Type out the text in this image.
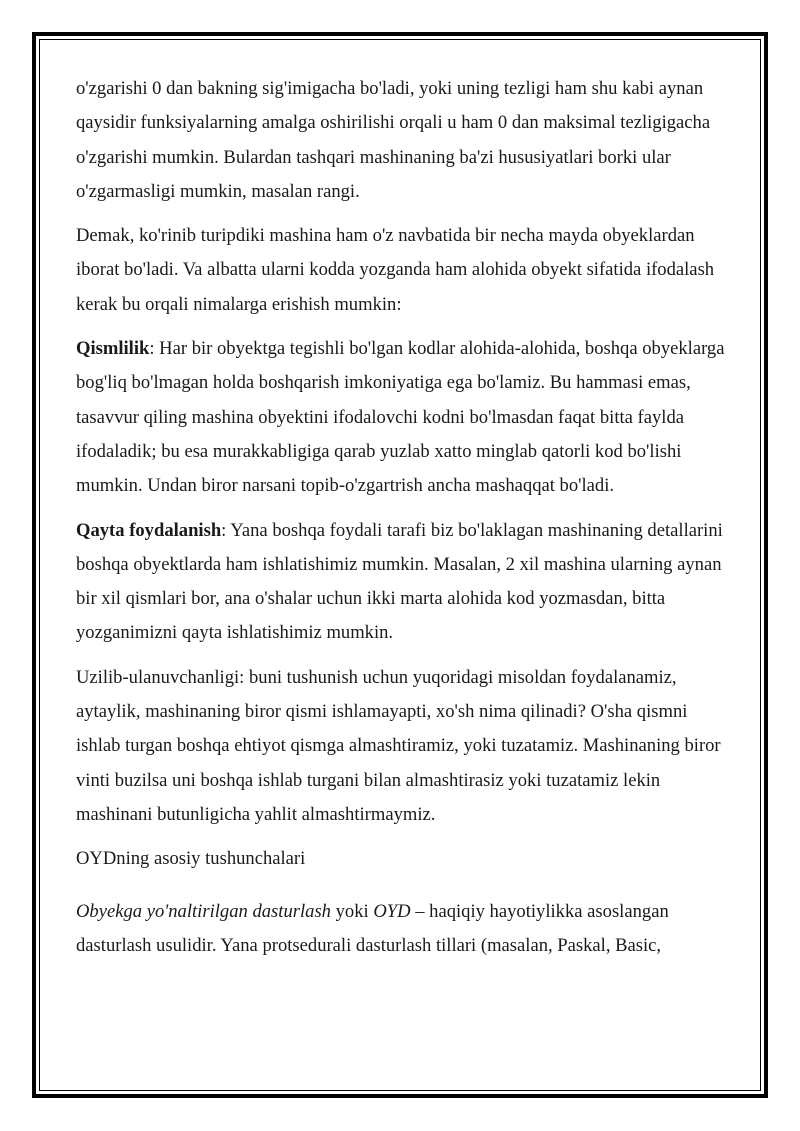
o'zgarishi 0 dan bakning sig'imigacha bo'ladi, yoki uning tezligi ham shu kabi aynan qaysidir funksiyalarning amalga oshirilishi orqali u ham 0 dan maksimal tezligigacha o'zgarishi mumkin. Bulardan tashqari mashinaning ba'zi hususiyatlari borki ular o'zgarmasligi mumkin, masalan rangi.

Demak, ko'rinib turipdiki mashina ham o'z navbatida bir necha mayda obyeklardan iborat bo'ladi. Va albatta ularni kodda yozganda ham alohida obyekt sifatida ifodalash kerak bu orqali nimalarga erishish mumkin:

Qismlilik: Har bir obyektga tegishli bo'lgan kodlar alohida-alohida, boshqa obyeklarga bog'liq bo'lmagan holda boshqarish imkoniyatiga ega bo'lamiz. Bu hammasi emas, tasavvur qiling mashina obyektini ifodalovchi kodni bo'lmasdan faqat bitta faylda ifodaladik; bu esa murakkabligiga qarab yuzlab xatto minglab qatorli kod bo'lishi mumkin. Undan biror narsani topib-o'zgartrish ancha mashaqqat bo'ladi.

Qayta foydalanish: Yana boshqa foydali tarafi biz bo'laklagan mashinaning detallarini boshqa obyektlarda ham ishlatishimiz mumkin. Masalan, 2 xil mashina ularning aynan bir xil qismlari bor, ana o'shalar uchun ikki marta alohida kod yozmasdan, bitta yozganimizni qayta ishlatishimiz mumkin.

Uzilib-ulanuvchanligi: buni tushunish uchun yuqoridagi misoldan foydalanamiz, aytaylik, mashinaning biror qismi ishlamayapti, xo'sh nima qilinadi? O'sha qismni ishlab turgan boshqa ehtiyot qismga almashtiramiz, yoki tuzatamiz. Mashinaning biror vinti buzilsa uni boshqa ishlab turgani bilan almashtirasiz yoki tuzatamiz lekin mashinani butunligicha yahlit almashtirmaymiz.

OYDning asosiy tushunchalari

Obyekga yo'naltirilgan dasturlash yoki OYD – haqiqiy hayotiylikka asoslangan dasturlash usulidir. Yana protsedurali dasturlash tillari (masalan, Paskal, Basic,
